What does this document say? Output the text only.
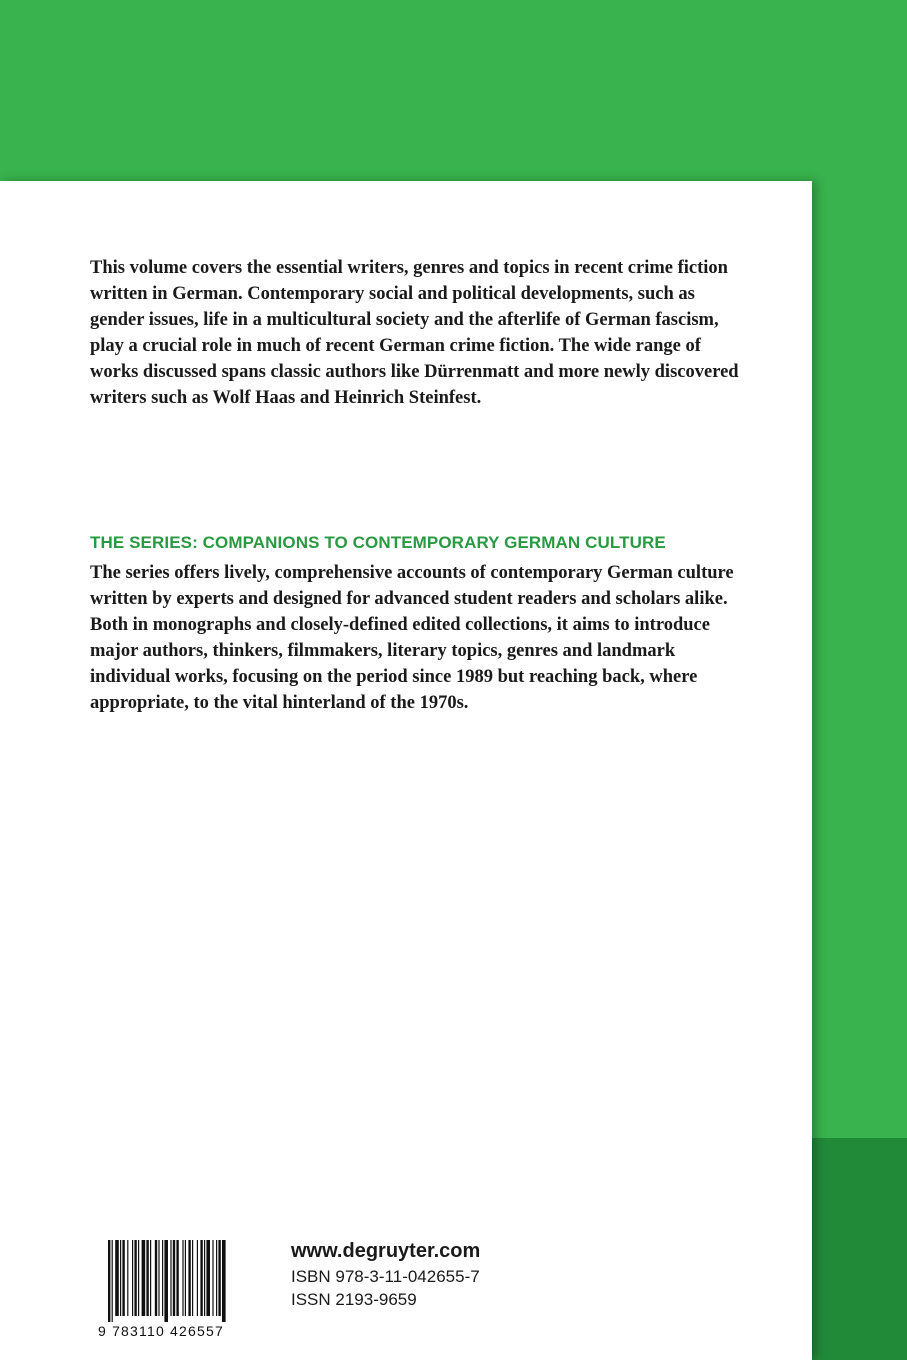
This volume covers the essential writers, genres and topics in recent crime fiction written in German. Contemporary social and political developments, such as gender issues, life in a multicultural society and the afterlife of German fascism, play a crucial role in much of recent German crime fiction. The wide range of works discussed spans classic authors like Dürrenmatt and more newly discovered writers such as Wolf Haas and Heinrich Steinfest.

THE SERIES: COMPANIONS TO CONTEMPORARY GERMAN CULTURE

The series offers lively, comprehensive accounts of contemporary German culture written by experts and designed for advanced student readers and scholars alike. Both in monographs and closely-defined edited collections, it aims to introduce major authors, thinkers, filmmakers, literary topics, genres and landmark individual works, focusing on the period since 1989 but reaching back, where appropriate, to the vital hinterland of the 1970s.

9 783110 426557
www.degruyter.com
ISBN 978-3-11-042655-7
ISSN 2193-9659
